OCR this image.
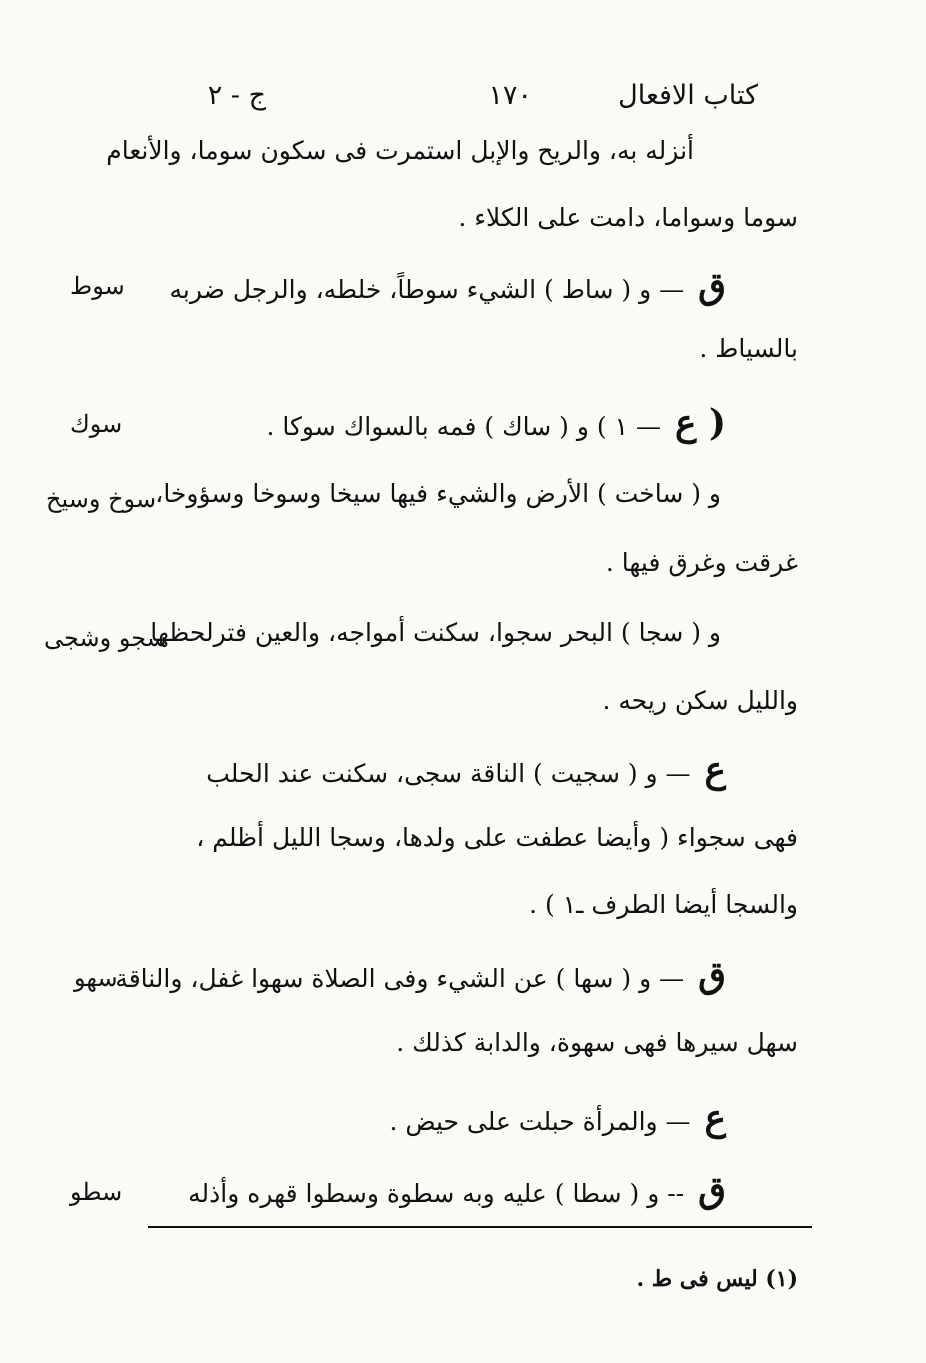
كتاب الافعال
١٧٠
ج - ٢
أنزله به، والريح والإبل استمرت فى سكون سوما، والأنعام
سوما وسواما، دامت على الكلاء .
ق — و ( ساط ) الشيء سوطاً، خلطه، والرجل ضربه
سوط
بالسياط .
( ع — ١ ) و ( ساك ) فمه بالسواك سوكا .
سوك
و ( ساخت ) الأرض والشيء فيها سيخا وسوخا وسؤوخا،
سوخ وسيخ
غرقت وغرق فيها .
و ( سجا ) البحر سجوا، سكنت أمواجه، والعين فترلحظها
سجو وشجى
والليل سكن ريحه .
ع — و ( سجيت ) الناقة سجى، سكنت عند الحلب
فهى سجواء ( وأيضا عطفت على ولدها، وسجا الليل أظلم ،
والسجا أيضا الطرف ـ١ ) .
ق — و ( سها ) عن الشيء وفى الصلاة سهوا غفل، والناقة
سهو
سهل سيرها فهى سهوة، والدابة كذلك .
ع — والمرأة حبلت على حيض .
ق -- و ( سطا ) عليه وبه سطوة وسطوا قهره وأذله
سطو
(١) ليس فى ط .
